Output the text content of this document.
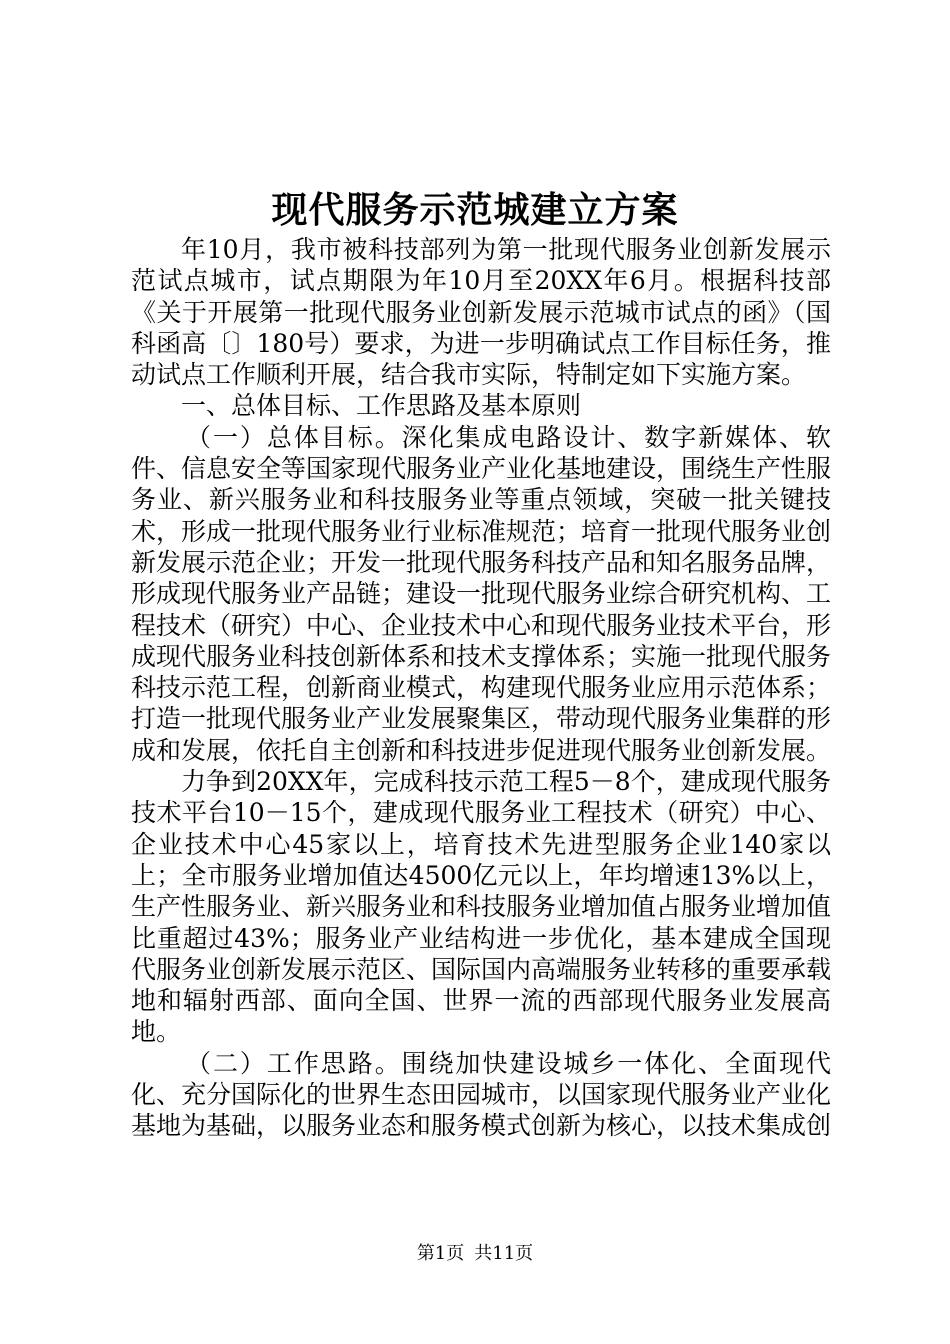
现代服务示范城建立方案

年10月，我市被科技部列为第一批现代服务业创新发展示范试点城市，试点期限为年10月至20XX年6月。根据科技部《关于开展第一批现代服务业创新发展示范城市试点的函》（国科函高〔〕180号）要求，为进一步明确试点工作目标任务，推动试点工作顺利开展，结合我市实际，特制定如下实施方案。

一、总体目标、工作思路及基本原则

（一）总体目标。深化集成电路设计、数字新媒体、软件、信息安全等国家现代服务业产业化基地建设，围绕生产性服务业、新兴服务业和科技服务业等重点领域，突破一批关键技术，形成一批现代服务业行业标准规范；培育一批现代服务业创新发展示范企业；开发一批现代服务科技产品和知名服务品牌，形成现代服务业产品链；建设一批现代服务业综合研究机构、工程技术（研究）中心、企业技术中心和现代服务业技术平台，形成现代服务业科技创新体系和技术支撑体系；实施一批现代服务科技示范工程，创新商业模式，构建现代服务业应用示范体系；打造一批现代服务业产业发展聚集区，带动现代服务业集群的形成和发展，依托自主创新和科技进步促进现代服务业创新发展。

力争到20XX年，完成科技示范工程5－8个，建成现代服务技术平台10－15个，建成现代服务业工程技术（研究）中心、企业技术中心45家以上，培育技术先进型服务企业140家以上；全市服务业增加值达4500亿元以上，年均增速13%以上，生产性服务业、新兴服务业和科技服务业增加值占服务业增加值比重超过43%；服务业产业结构进一步优化，基本建成全国现代服务业创新发展示范区、国际国内高端服务业转移的重要承载地和辐射西部、面向全国、世界一流的西部现代服务业发展高地。

（二）工作思路。围绕加快建设城乡一体化、全面现代化、充分国际化的世界生态田园城市，以国家现代服务业产业化基地为基础，以服务业态和服务模式创新为核心，以技术集成创

第1页 共11页
